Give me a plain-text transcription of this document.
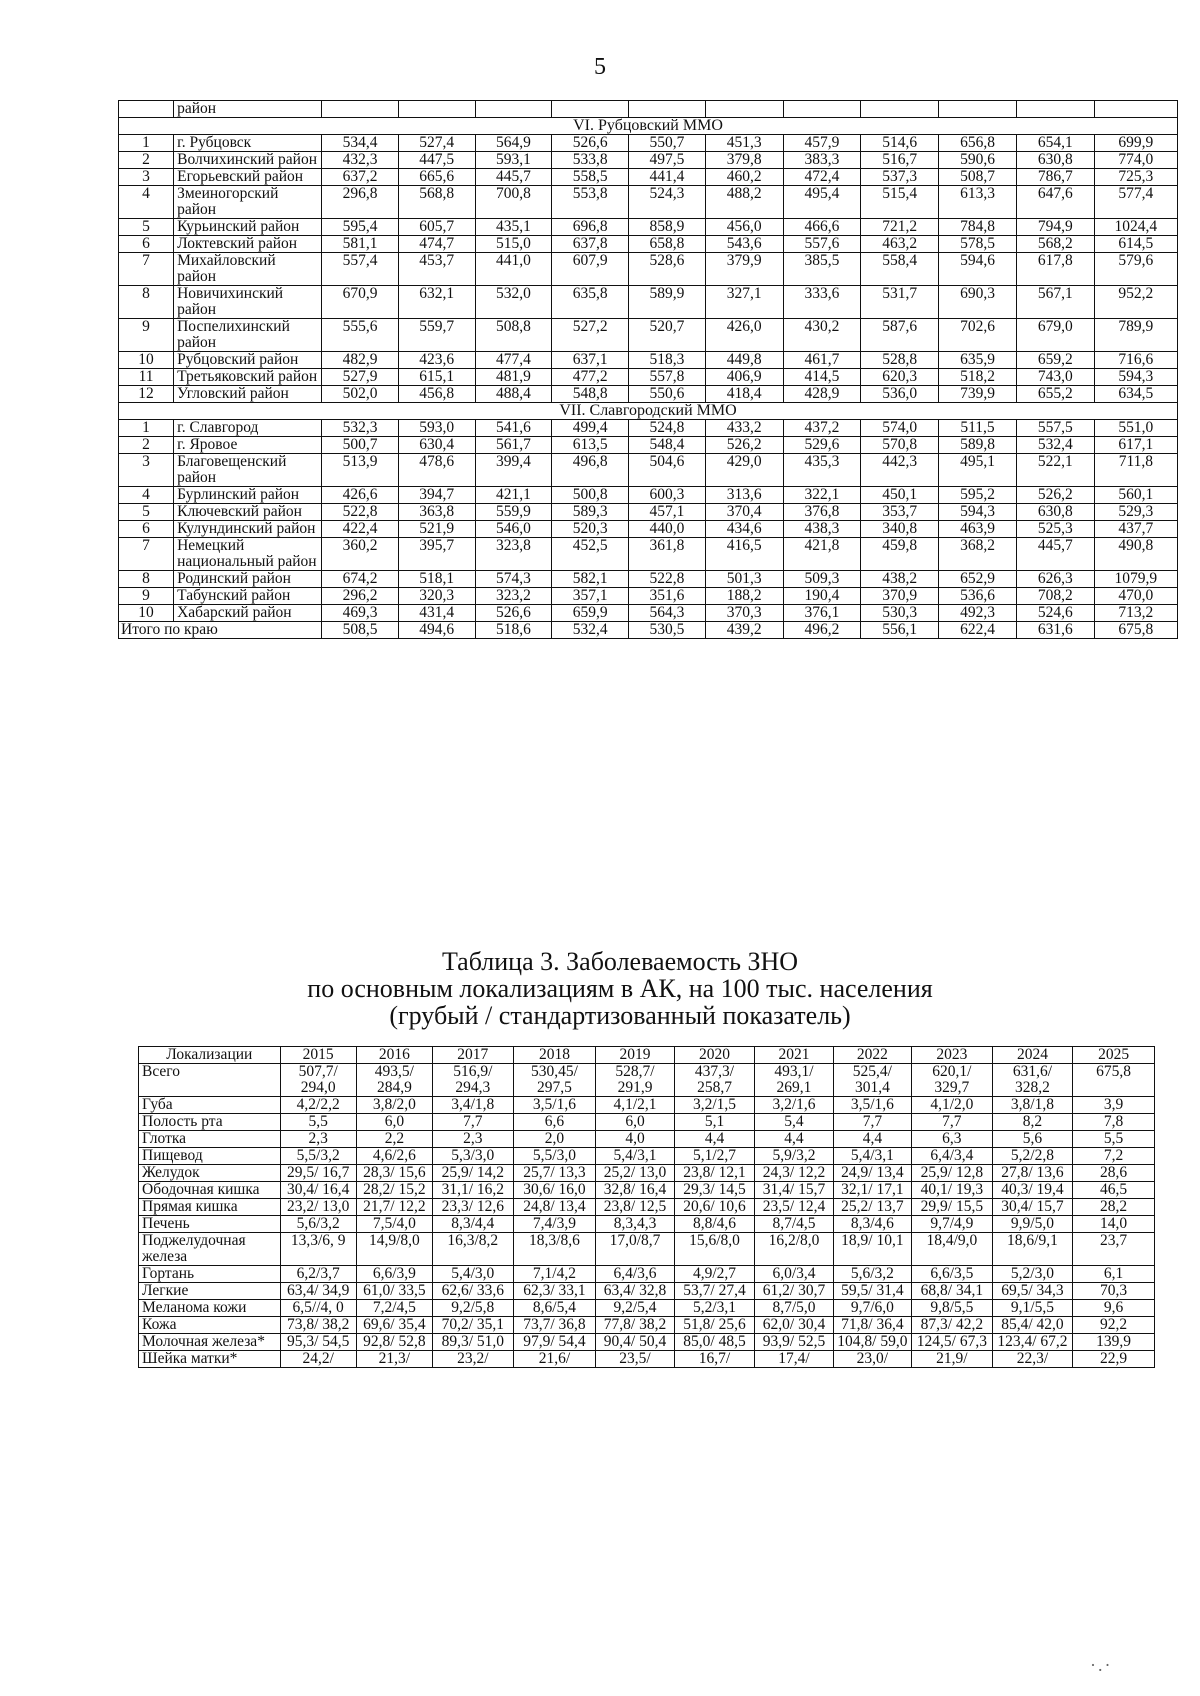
5
	район											
VI. Рубцовский ММО												
1	г. Рубцовск	534,4	527,4	564,9	526,6	550,7	451,3	457,9	514,6	656,8	654,1	699,9
2	Волчихинский район	432,3	447,5	593,1	533,8	497,5	379,8	383,3	516,7	590,6	630,8	774,0
3	Егорьевский район	637,2	665,6	445,7	558,5	441,4	460,2	472,4	537,3	508,7	786,7	725,3
4	Змеиногорский район	296,8	568,8	700,8	553,8	524,3	488,2	495,4	515,4	613,3	647,6	577,4
5	Курьинский район	595,4	605,7	435,1	696,8	858,9	456,0	466,6	721,2	784,8	794,9	1024,4
6	Локтевский район	581,1	474,7	515,0	637,8	658,8	543,6	557,6	463,2	578,5	568,2	614,5
7	Михайловский район	557,4	453,7	441,0	607,9	528,6	379,9	385,5	558,4	594,6	617,8	579,6
8	Новичихинский район	670,9	632,1	532,0	635,8	589,9	327,1	333,6	531,7	690,3	567,1	952,2
9	Поспелихинский район	555,6	559,7	508,8	527,2	520,7	426,0	430,2	587,6	702,6	679,0	789,9
10	Рубцовский район	482,9	423,6	477,4	637,1	518,3	449,8	461,7	528,8	635,9	659,2	716,6
11	Третьяковский район	527,9	615,1	481,9	477,2	557,8	406,9	414,5	620,3	518,2	743,0	594,3
12	Угловский район	502,0	456,8	488,4	548,8	550,6	418,4	428,9	536,0	739,9	655,2	634,5
VII. Славгородский ММО												
1	г. Славгород	532,3	593,0	541,6	499,4	524,8	433,2	437,2	574,0	511,5	557,5	551,0
2	г. Яровое	500,7	630,4	561,7	613,5	548,4	526,2	529,6	570,8	589,8	532,4	617,1
3	Благовещенский район	513,9	478,6	399,4	496,8	504,6	429,0	435,3	442,3	495,1	522,1	711,8
4	Бурлинский район	426,6	394,7	421,1	500,8	600,3	313,6	322,1	450,1	595,2	526,2	560,1
5	Ключевский район	522,8	363,8	559,9	589,3	457,1	370,4	376,8	353,7	594,3	630,8	529,3
6	Кулундинский район	422,4	521,9	546,0	520,3	440,0	434,6	438,3	340,8	463,9	525,3	437,7
7	Немецкий национальный район	360,2	395,7	323,8	452,5	361,8	416,5	421,8	459,8	368,2	445,7	490,8
8	Родинский район	674,2	518,1	574,3	582,1	522,8	501,3	509,3	438,2	652,9	626,3	1079,9
9	Табунский район	296,2	320,3	323,2	357,1	351,6	188,2	190,4	370,9	536,6	708,2	470,0
10	Хабарский район	469,3	431,4	526,6	659,9	564,3	370,3	376,1	530,3	492,3	524,6	713,2
Итого по краю		508,5	494,6	518,6	532,4	530,5	439,2	496,2	556,1	622,4	631,6	675,8
Таблица 3. Заболеваемость ЗНО
по основным локализациям в АК, на 100 тыс. населения
(грубый / стандартизованный показатель)
Локализации	2015	2016	2017	2018	2019	2020	2021	2022	2023	2024	2025
Всего	507,7/ 294,0	493,5/ 284,9	516,9/ 294,3	530,45/ 297,5	528,7/ 291,9	437,3/ 258,7	493,1/ 269,1	525,4/ 301,4	620,1/ 329,7	631,6/ 328,2	675,8
Губа	4,2/2,2	3,8/2,0	3,4/1,8	3,5/1,6	4,1/2,1	3,2/1,5	3,2/1,6	3,5/1,6	4,1/2,0	3,8/1,8	3,9
Полость рта	5,5	6,0	7,7	6,6	6,0	5,1	5,4	7,7	7,7	8,2	7,8
Глотка	2,3	2,2	2,3	2,0	4,0	4,4	4,4	4,4	6,3	5,6	5,5
Пищевод	5,5/3,2	4,6/2,6	5,3/3,0	5,5/3,0	5,4/3,1	5,1/2,7	5,9/3,2	5,4/3,1	6,4/3,4	5,2/2,8	7,2
Желудок	29,5/ 16,7	28,3/ 15,6	25,9/ 14,2	25,7/ 13,3	25,2/ 13,0	23,8/ 12,1	24,3/ 12,2	24,9/ 13,4	25,9/ 12,8	27,8/ 13,6	28,6
Ободочная кишка	30,4/ 16,4	28,2/ 15,2	31,1/ 16,2	30,6/ 16,0	32,8/ 16,4	29,3/ 14,5	31,4/ 15,7	32,1/ 17,1	40,1/ 19,3	40,3/ 19,4	46,5
Прямая кишка	23,2/ 13,0	21,7/ 12,2	23,3/ 12,6	24,8/ 13,4	23,8/ 12,5	20,6/ 10,6	23,5/ 12,4	25,2/ 13,7	29,9/ 15,5	30,4/ 15,7	28,2
Печень	5,6/3,2	7,5/4,0	8,3/4,4	7,4/3,9	8,3,4,3	8,8/4,6	8,7/4,5	8,3/4,6	9,7/4,9	9,9/5,0	14,0
Поджелудочная железа	13,3/6, 9	14,9/8,0	16,3/8,2	18,3/8,6	17,0/8,7	15,6/8,0	16,2/8,0	18,9/ 10,1	18,4/9,0	18,6/9,1	23,7
Гортань	6,2/3,7	6,6/3,9	5,4/3,0	7,1/4,2	6,4/3,6	4,9/2,7	6,0/3,4	5,6/3,2	6,6/3,5	5,2/3,0	6,1
Легкие	63,4/ 34,9	61,0/ 33,5	62,6/ 33,6	62,3/ 33,1	63,4/ 32,8	53,7/ 27,4	61,2/ 30,7	59,5/ 31,4	68,8/ 34,1	69,5/ 34,3	70,3
Меланома кожи	6,5//4, 0	7,2/4,5	9,2/5,8	8,6/5,4	9,2/5,4	5,2/3,1	8,7/5,0	9,7/6,0	9,8/5,5	9,1/5,5	9,6
Кожа	73,8/ 38,2	69,6/ 35,4	70,2/ 35,1	73,7/ 36,8	77,8/ 38,2	51,8/ 25,6	62,0/ 30,4	71,8/ 36,4	87,3/ 42,2	85,4/ 42,0	92,2
Молочная железа*	95,3/ 54,5	92,8/ 52,8	89,3/ 51,0	97,9/ 54,4	90,4/ 50,4	85,0/ 48,5	93,9/ 52,5	104,8/ 59,0	124,5/ 67,3	123,4/ 67,2	139,9
Шейка матки*	24,2/	21,3/	23,2/	21,6/	23,5/	16,7/	17,4/	23,0/	21,9/	22,3/	22,9
·.·
